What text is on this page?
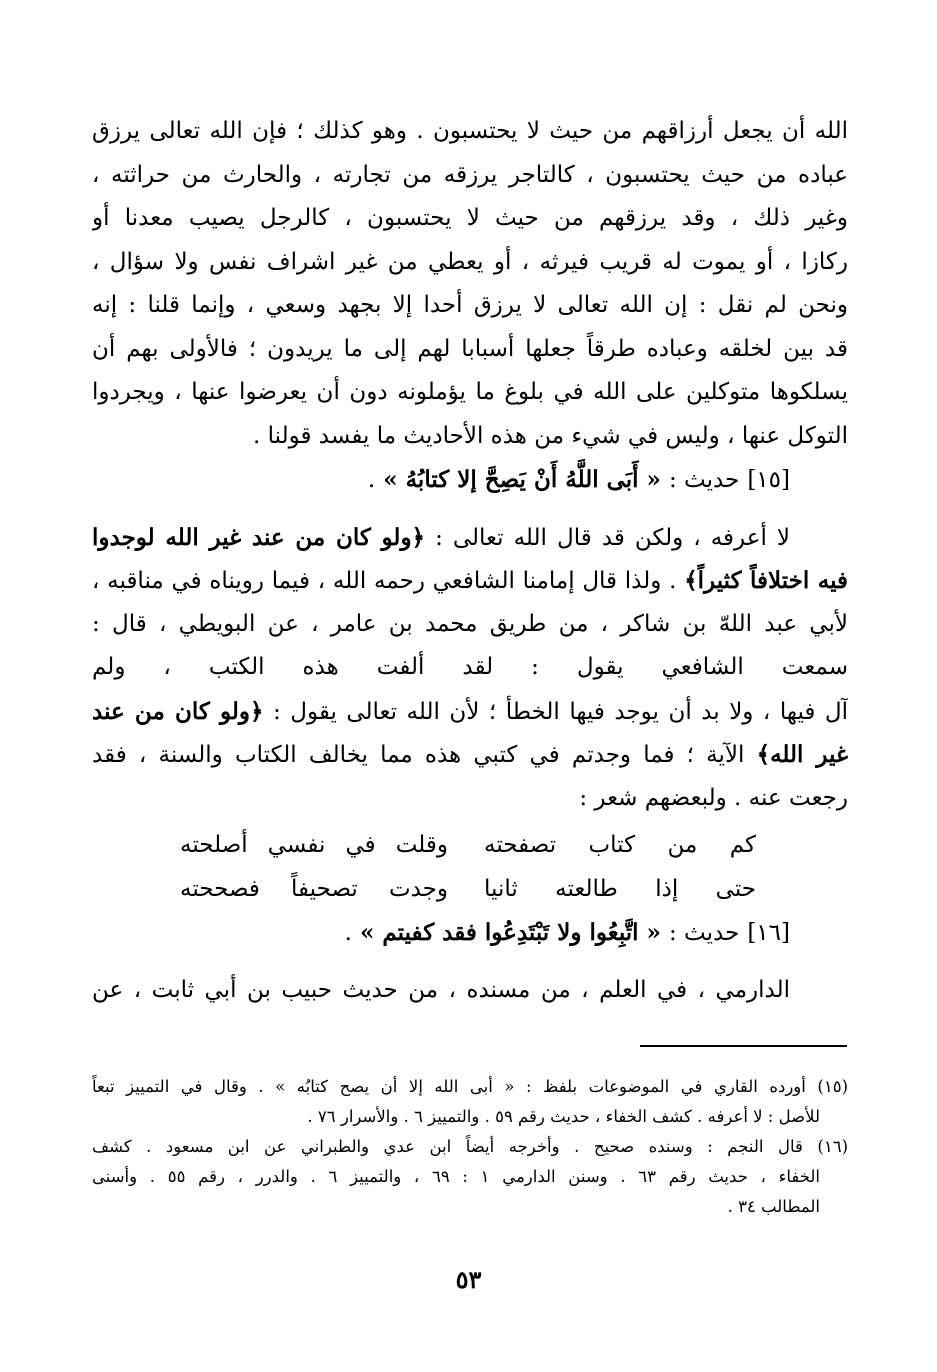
الله أن يجعل أرزاقهم من حيث لا يحتسبون . وهو كذلك ؛ فإن الله تعالى يرزق
عباده من حيث يحتسبون ، كالتاجر يرزقه من تجارته ، والحارث من حراثته ،
وغير ذلك ، وقد يرزقهم من حيث لا يحتسبون ، كالرجل يصيب معدنا أو
ركازا ، أو يموت له قريب فيرثه ، أو يعطي من غير اشراف نفس ولا سؤال ،
ونحن لم نقل : إن الله تعالى لا يرزق أحدا إلا بجهد وسعي ، وإنما قلنا : إنه
قد بين لخلقه وعباده طرقاً جعلها أسبابا لهم إلى ما يريدون ؛ فالأولى بهم أن
يسلكوها متوكلين على الله في بلوغ ما يؤملونه دون أن يعرضوا عنها ، ويجردوا
التوكل عنها ، وليس في شيء من هذه الأحاديث ما يفسد قولنا .
[١٥] حديث : « أَبَى اللَّهُ أَنْ يَصِحَّ إلا كتابُهُ » .
لا أعرفه ، ولكن قد قال الله تعالى : ﴿ولو كان من عند غير الله لوجدوا
فيه اختلافاً كثيراً﴾ . ولذا قال إمامنا الشافعي رحمه الله ، فيما رويناه في مناقبه ،
لأبي عبد اللهّ بن شاكر ، من طريق محمد بن عامر ، عن البويطي ، قال :
سمعت الشافعي يقول : لقد ألفت هذه الكتب ، ولم
آل فيها ، ولا بد أن يوجد فيها الخطأ ؛ لأن الله تعالى يقول : ﴿ولو كان من عند
غير الله﴾ الآية ؛ فما وجدتم في كتبي هذه مما يخالف الكتاب والسنة ، فقد
رجعت عنه . ولبعضهم شعر :
كم من كتاب تصفحته
وقلت في نفسي أصلحته
حتى إذا طالعته ثانيا
وجدت تصحيفاً فصححته
[١٦] حديث : « اتَّبِعُوا ولا تَبْتَدِعُوا فقد كفيتم » .
الدارمي ، في العلم ، من مسنده ، من حديث حبيب بن أبي ثابت ، عن
(١٥) أورده القاري في الموضوعات بلفظ : « أبى الله إلا أن يصح كتابُه » . وقال في التمييز تبعاً
للأصل : لا أعرفه . كشف الخفاء ، حديث رقم ٥٩ . والتمييز ٦ . والأسرار ٧٦ .
(١٦) قال النجم : وسنده صحيح . وأخرجه أيضاً ابن عدي والطبراني عن ابن مسعود . كشف
الخفاء ، حديث رقم ٦٣ . وسنن الدارمي ١ : ٦٩ ، والتمييز ٦ . والدرر ، رقم ٥٥ . وأسنى
المطالب ٣٤ .
٥٣
